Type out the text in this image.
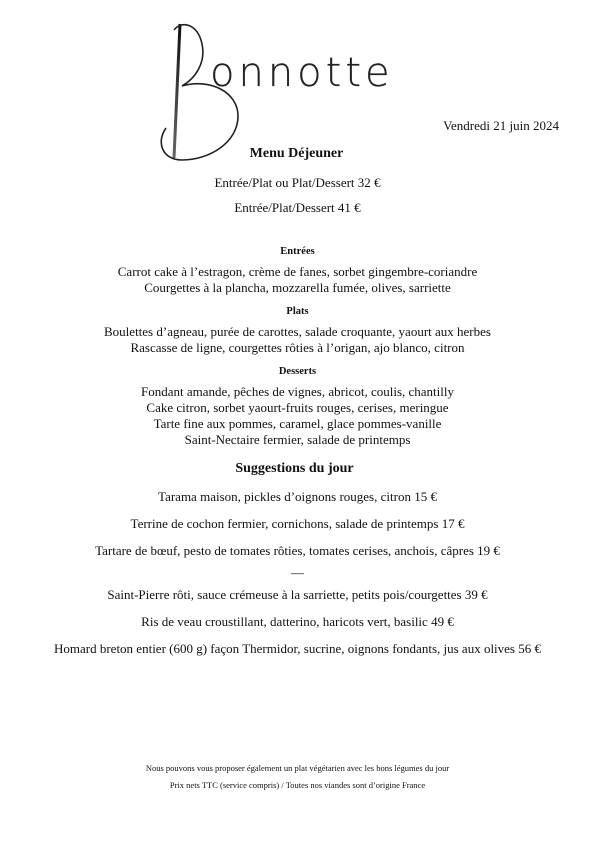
onnotte
Vendredi 21 juin 2024
Menu Déjeuner
Entrée/Plat ou Plat/Dessert 32 €
Entrée/Plat/Dessert 41 €
Entrées
Carrot cake à l’estragon, crème de fanes, sorbet gingembre-coriandre
Courgettes à la plancha, mozzarella fumée, olives, sarriette
Plats
Boulettes d’agneau, purée de carottes, salade croquante, yaourt aux herbes
Rascasse de ligne, courgettes rôties à l’origan, ajo blanco, citron
Desserts
Fondant amande, pêches de vignes, abricot, coulis, chantilly
Cake citron, sorbet yaourt-fruits rouges, cerises, meringue
Tarte fine aux pommes, caramel, glace pommes-vanille
Saint-Nectaire fermier, salade de printemps
Suggestions du jour
Tarama maison, pickles d’oignons rouges, citron 15 €
Terrine de cochon fermier, cornichons, salade de printemps 17 €
Tartare de bœuf, pesto de tomates rôties, tomates cerises, anchois, câpres 19 €
—
Saint-Pierre rôti, sauce crémeuse à la sarriette, petits pois/courgettes 39 €
Ris de veau croustillant, datterino, haricots vert, basilic 49 €
Homard breton entier (600 g) façon Thermidor, sucrine, oignons fondants, jus aux olives 56 €
Nous pouvons vous proposer également un plat végétarien avec les bons légumes du jour
Prix nets TTC (service compris) / Toutes nos viandes sont d’origine France
